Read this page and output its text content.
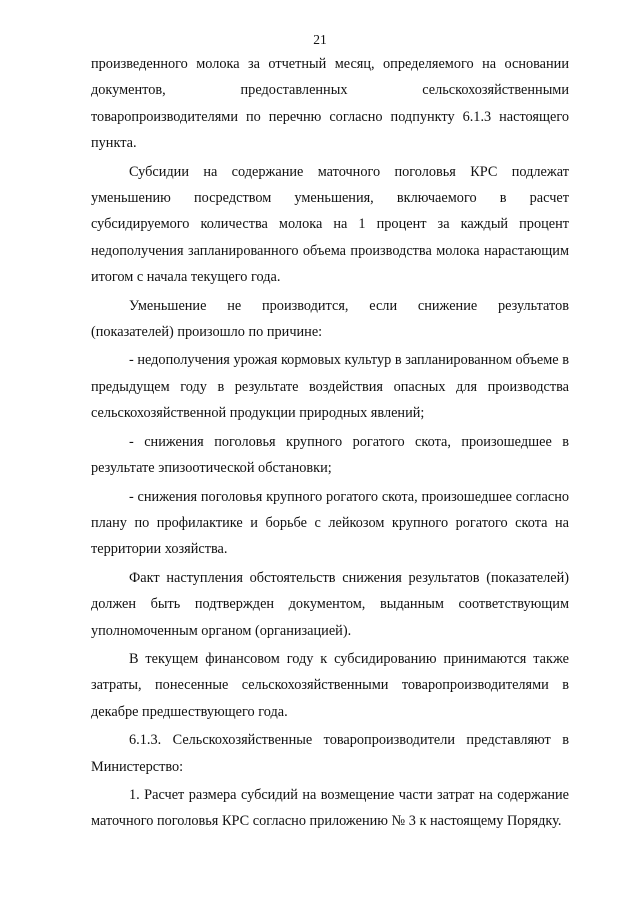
21

произведенного молока за отчетный месяц, определяемого на основании документов, предоставленных сельскохозяйственными товаропроизводителями по перечню согласно подпункту 6.1.3 настоящего пункта.

Субсидии на содержание маточного поголовья КРС подлежат уменьшению посредством уменьшения, включаемого в расчет субсидируемого количества молока на 1 процент за каждый процент недополучения запланированного объема производства молока нарастающим итогом с начала текущего года.

Уменьшение не производится, если снижение результатов (показателей) произошло по причине:

- недополучения урожая кормовых культур в запланированном объеме в предыдущем году в результате воздействия опасных для производства сельскохозяйственной продукции природных явлений;

- снижения поголовья крупного рогатого скота, произошедшее в результате эпизоотической обстановки;

- снижения поголовья крупного рогатого скота, произошедшее согласно плану по профилактике и борьбе с лейкозом крупного рогатого скота на территории хозяйства.

Факт наступления обстоятельств снижения результатов (показателей) должен быть подтвержден документом, выданным соответствующим уполномоченным органом (организацией).

В текущем финансовом году к субсидированию принимаются также затраты, понесенные сельскохозяйственными товаропроизводителями в декабре предшествующего года.

6.1.3. Сельскохозяйственные товаропроизводители представляют в Министерство:

1. Расчет размера субсидий на возмещение части затрат на содержание маточного поголовья КРС согласно приложению № 3 к настоящему Порядку.
